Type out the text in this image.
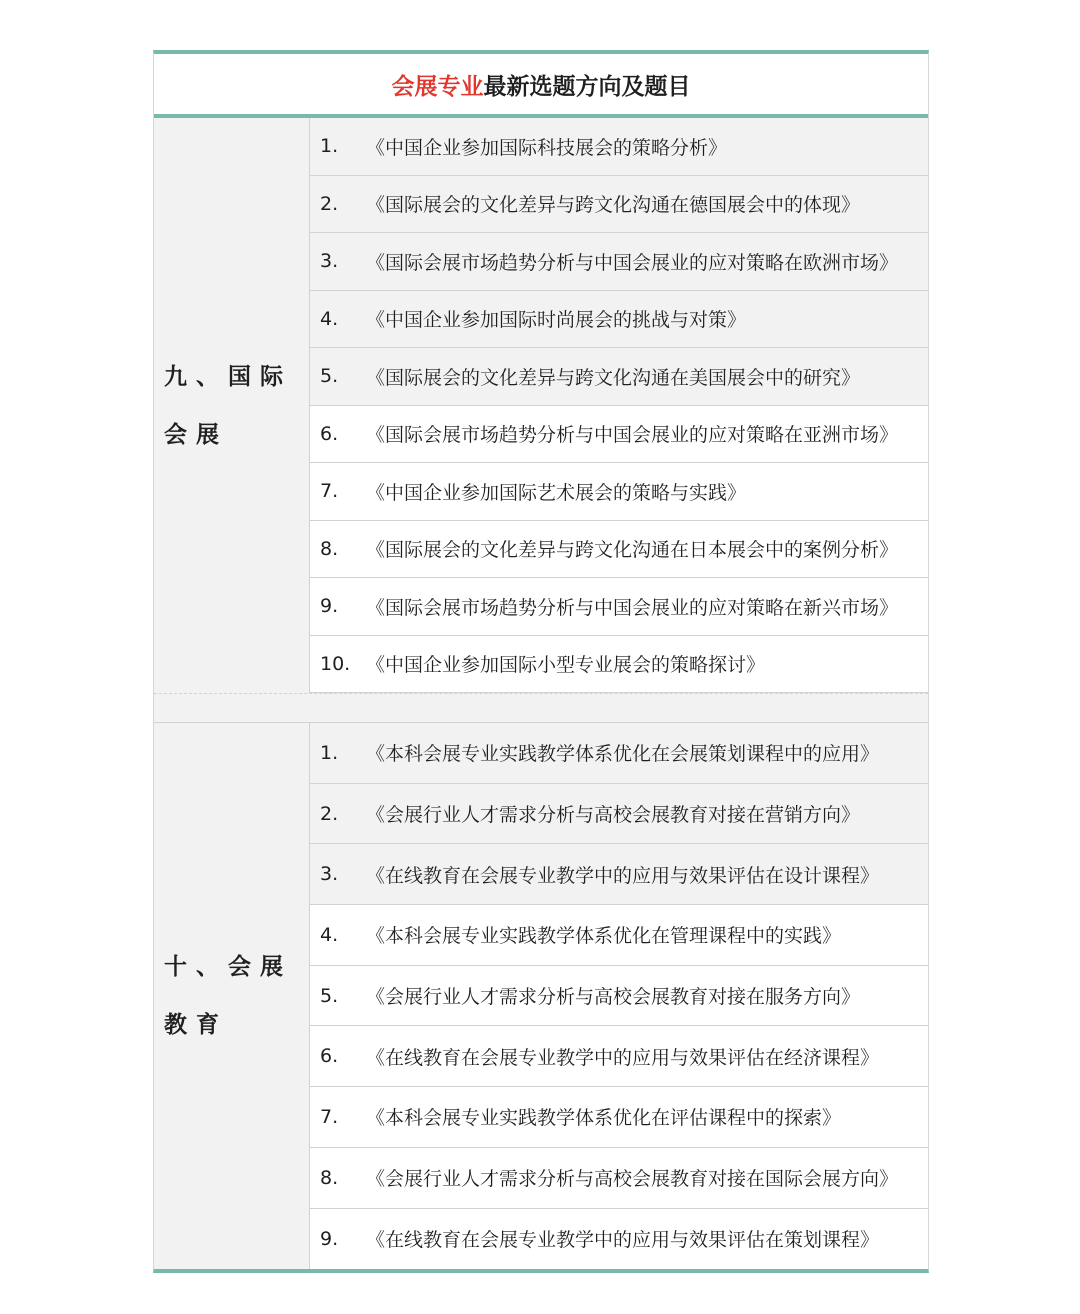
会展专业 最新选题方向及题目
九、国际会展
1.	《中国企业参加国际科技展会的策略分析》
2.	《国际展会的文化差异与跨文化沟通在德国展会中的体现》
3.	《国际会展市场趋势分析与中国会展业的应对策略在欧洲市场》
4.	《中国企业参加国际时尚展会的挑战与对策》
5.	《国际展会的文化差异与跨文化沟通在美国展会中的研究》
6.	《国际会展市场趋势分析与中国会展业的应对策略在亚洲市场》
7.	《中国企业参加国际艺术展会的策略与实践》
8.	《国际展会的文化差异与跨文化沟通在日本展会中的案例分析》
9.	《国际会展市场趋势分析与中国会展业的应对策略在新兴市场》
10. 《中国企业参加国际小型专业展会的策略探讨》
十、会展教育
1.	《本科会展专业实践教学体系优化在会展策划课程中的应用》
2.	《会展行业人才需求分析与高校会展教育对接在营销方向》
3.	《在线教育在会展专业教学中的应用与效果评估在设计课程》
4.	《本科会展专业实践教学体系优化在管理课程中的实践》
5.	《会展行业人才需求分析与高校会展教育对接在服务方向》
6.	《在线教育在会展专业教学中的应用与效果评估在经济课程》
7.	《本科会展专业实践教学体系优化在评估课程中的探索》
8.	《会展行业人才需求分析与高校会展教育对接在国际会展方向》
9.	《在线教育在会展专业教学中的应用与效果评估在策划课程》
